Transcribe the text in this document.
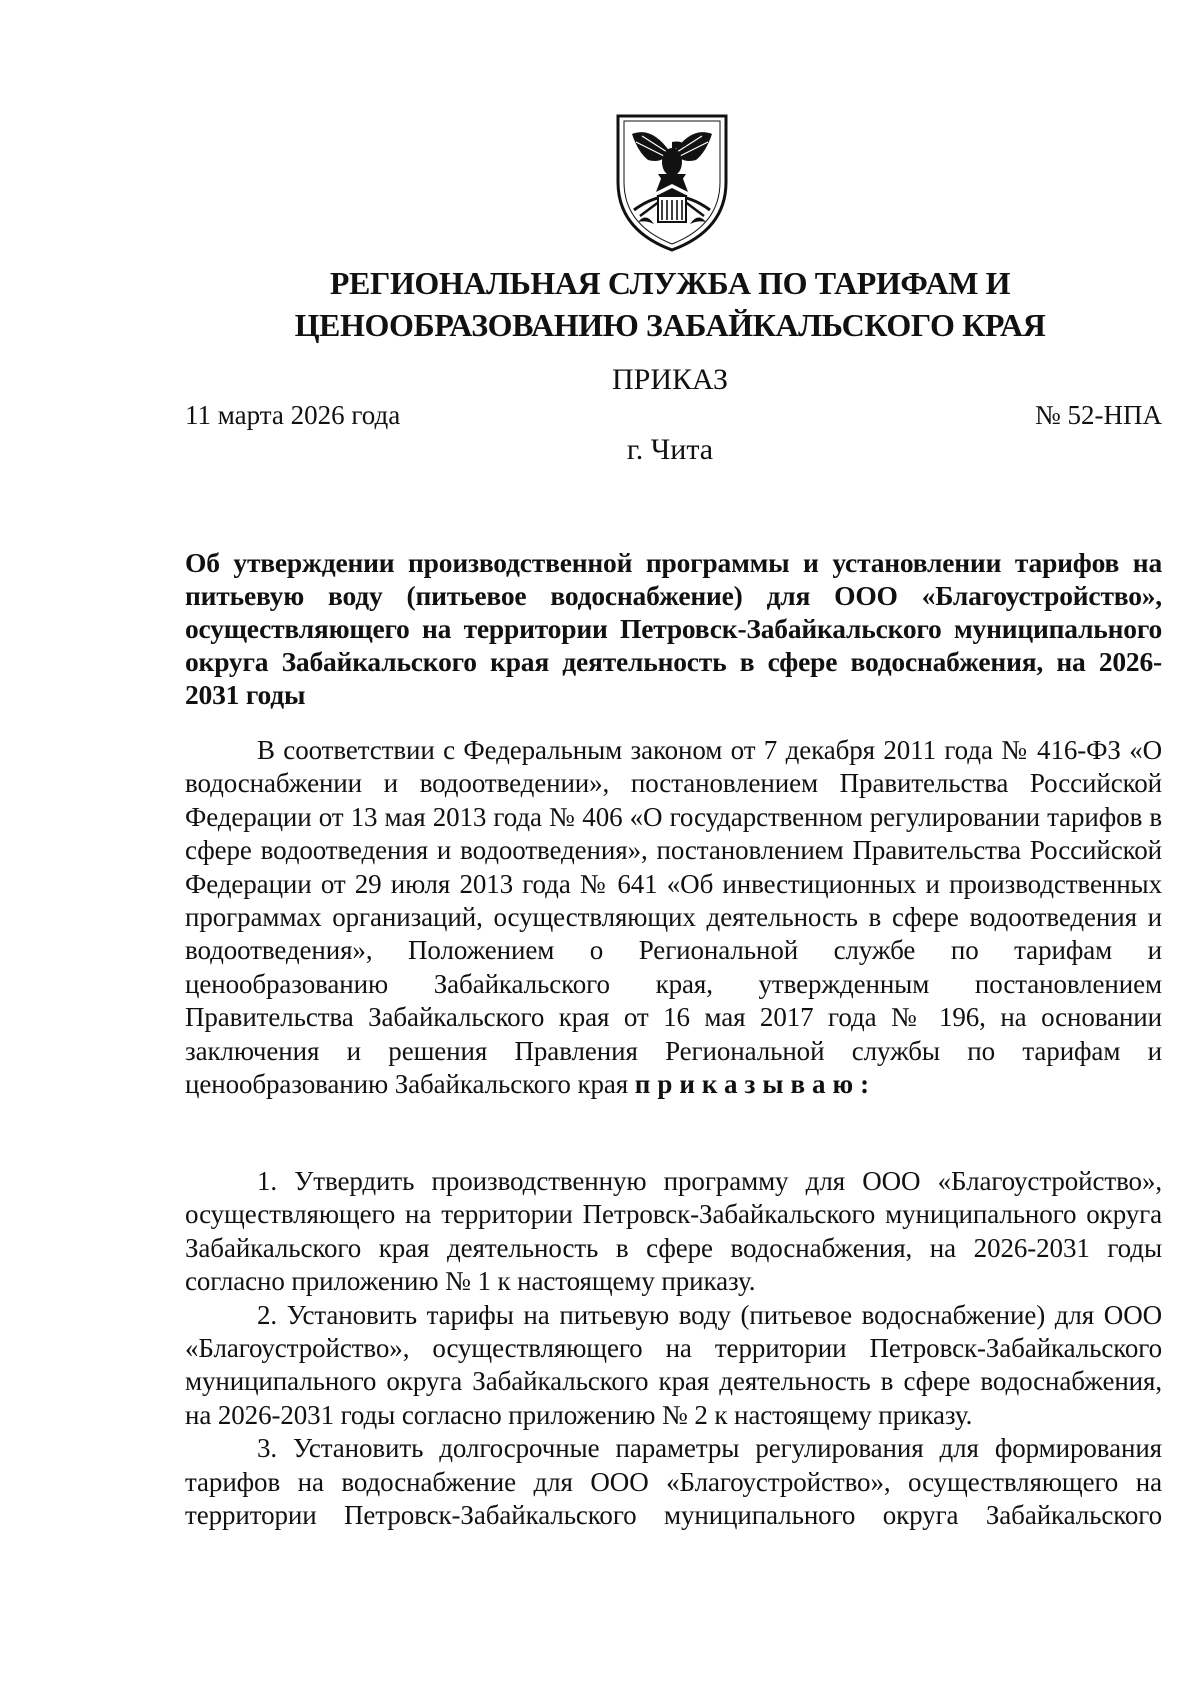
РЕГИОНАЛЬНАЯ СЛУЖБА ПО ТАРИФАМ И
ЦЕНООБРАЗОВАНИЮ ЗАБАЙКАЛЬСКОГО КРАЯ
ПРИКАЗ
11 марта 2026 года	№ 52-НПА
г. Чита
Об утверждении производственной программы и установлении тарифов на питьевую воду (питьевое водоснабжение) для ООО «Благоустройство», осуществляющего на территории Петровск-Забайкальского муниципального округа Забайкальского края деятельность в сфере водоснабжения, на 2026-2031 годы

В соответствии с Федеральным законом от 7 декабря 2011 года № 416-ФЗ «О водоснабжении и водоотведении», постановлением Правительства Российской Федерации от 13 мая 2013 года № 406 «О государственном регулировании тарифов в сфере водоотведения и водоотведения», постановлением Правительства Российской Федерации от 29 июля 2013 года № 641 «Об инвестиционных и производственных программах организаций, осуществляющих деятельность в сфере водоотведения и водоотведения», Положением о Региональной службе по тарифам и ценообразованию Забайкальского края, утвержденным постановлением Правительства Забайкальского края от 16 мая 2017 года № 196, на основании заключения и решения Правления Региональной службы по тарифам и ценообразованию Забайкальского края приказываю:

1. Утвердить производственную программу для ООО «Благоустройство», осуществляющего на территории Петровск-Забайкальского муниципального округа Забайкальского края деятельность в сфере водоснабжения, на 2026-2031 годы согласно приложению № 1 к настоящему приказу.

2. Установить тарифы на питьевую воду (питьевое водоснабжение) для ООО «Благоустройство», осуществляющего на территории Петровск-Забайкальского муниципального округа Забайкальского края деятельность в сфере водоснабжения, на 2026-2031 годы согласно приложению № 2 к настоящему приказу.

3. Установить долгосрочные параметры регулирования для формирования тарифов на водоснабжение для ООО «Благоустройство», осуществляющего на территории Петровск-Забайкальского муниципального округа Забайкальского
